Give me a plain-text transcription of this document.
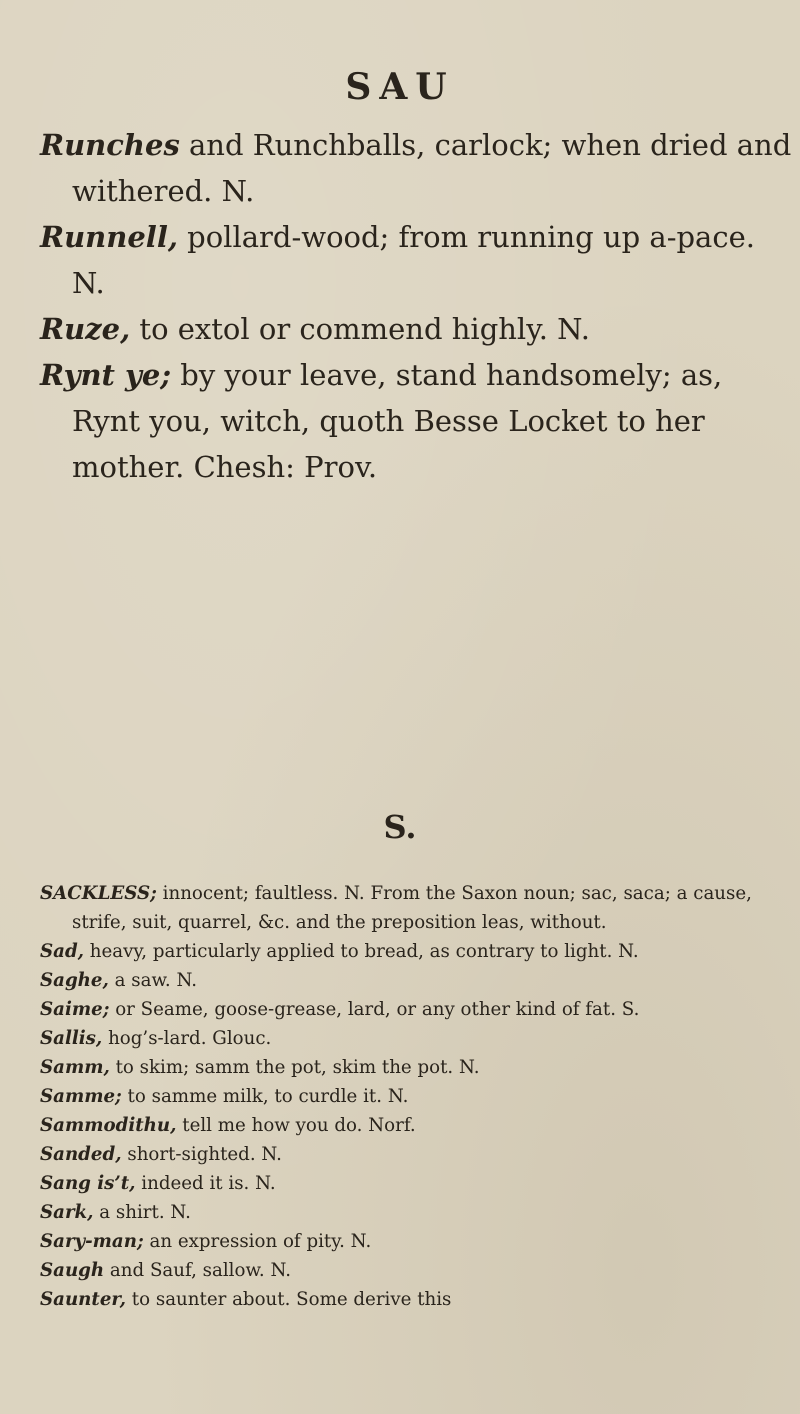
SAU
Runches and Runchballs, carlock; when dried and withered. N.
Runnell, pollard-wood; from running up a-pace. N.
Ruze, to extol or commend highly. N.
Rynt ye; by your leave, stand handsomely; as, Rynt you, witch, quoth Besse Locket to her mother. Chesh: Prov.
SACKLESS; innocent; faultless. N. From the Saxon noun; sac, saca; a cause, strife, suit, quarrel, &c. and the preposition leas, without.
Sad, heavy, particularly applied to bread, as contrary to light. N.
Saghe, a saw. N.
Saime; or Seame, goose-grease, lard, or any other kind of fat. S.
Sallis, hog’s-lard. Glouc.
Samm, to skim; samm the pot, skim the pot. N.
Samme; to samme milk, to curdle it. N.
Sammodithu, tell me how you do. Norf.
Sanded, short-sighted. N.
Sang is’t, indeed it is. N.
Sark, a shirt. N.
Sary-man; an expression of pity. N.
Saugh and Sauf, sallow. N.
Saunter, to saunter about. Some derive this
S.
